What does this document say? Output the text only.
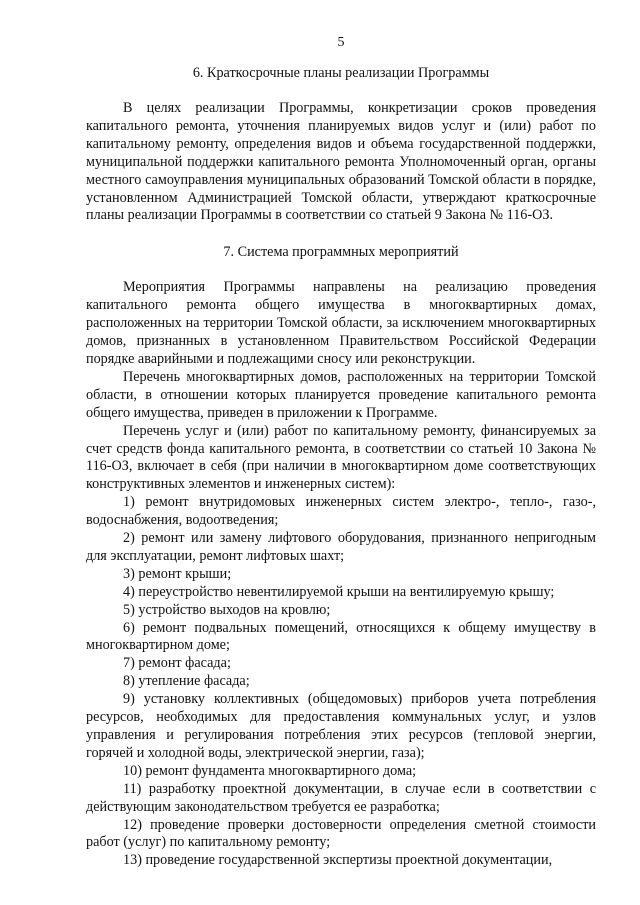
5
6. Краткосрочные планы реализации Программы

В целях реализации Программы, конкретизации сроков проведения капитального ремонта, уточнения планируемых видов услуг и (или) работ по капитальному ремонту, определения видов и объема государственной поддержки, муниципальной поддержки капитального ремонта Уполномоченный орган, органы местного самоуправления муниципальных образований Томской области в порядке, установленном Администрацией Томской области, утверждают краткосрочные планы реализации Программы в соответствии со статьей 9 Закона № 116-ОЗ.

7. Система программных мероприятий

Мероприятия Программы направлены на реализацию проведения капитального ремонта общего имущества в многоквартирных домах, расположенных на территории Томской области, за исключением многоквартирных домов, признанных в установленном Правительством Российской Федерации порядке аварийными и подлежащими сносу или реконструкции.

Перечень многоквартирных домов, расположенных на территории Томской области, в отношении которых планируется проведение капитального ремонта общего имущества, приведен в приложении к Программе.

Перечень услуг и (или) работ по капитальному ремонту, финансируемых за счет средств фонда капитального ремонта, в соответствии со статьей 10 Закона № 116-ОЗ, включает в себя (при наличии в многоквартирном доме соответствующих конструктивных элементов и инженерных систем):

1) ремонт внутридомовых инженерных систем электро-, тепло-, газо-, водоснабжения, водоотведения;

2) ремонт или замену лифтового оборудования, признанного непригодным для эксплуатации, ремонт лифтовых шахт;

3) ремонт крыши;

4) переустройство невентилируемой крыши на вентилируемую крышу;

5) устройство выходов на кровлю;

6) ремонт подвальных помещений, относящихся к общему имуществу в многоквартирном доме;

7) ремонт фасада;

8) утепление фасада;

9) установку коллективных (общедомовых) приборов учета потребления ресурсов, необходимых для предоставления коммунальных услуг, и узлов управления и регулирования потребления этих ресурсов (тепловой энергии, горячей и холодной воды, электрической энергии, газа);

10) ремонт фундамента многоквартирного дома;

11) разработку проектной документации, в случае если в соответствии с действующим законодательством требуется ее разработка;

12) проведение проверки достоверности определения сметной стоимости работ (услуг) по капитальному ремонту;

13) проведение государственной экспертизы проектной документации,
